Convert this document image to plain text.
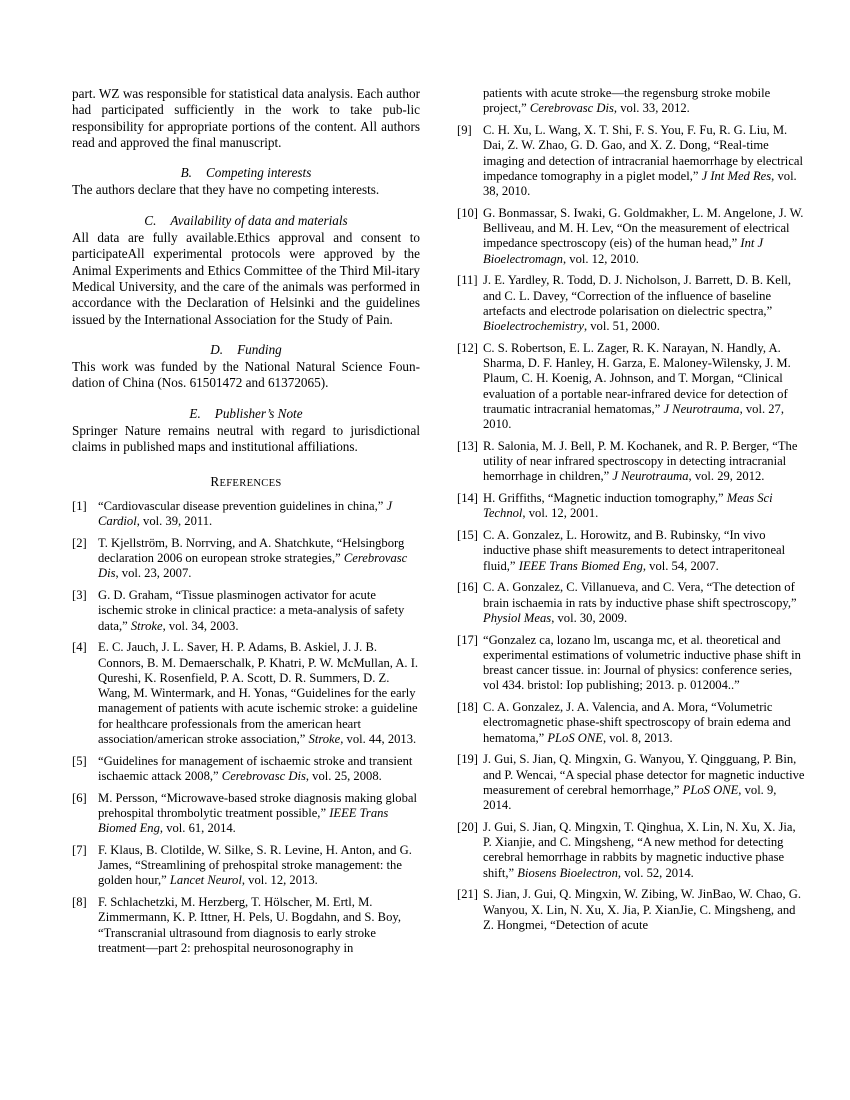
part. WZ was responsible for statistical data analysis. Each author had participated sufficiently in the work to take pub-lic responsibility for appropriate portions of the content. All authors read and approved the final manuscript.

B. Competing interests

The authors declare that they have no competing interests.

C. Availability of data and materials

All data are fully available.Ethics approval and consent to participateAll experimental protocols were approved by the Animal Experiments and Ethics Committee of the Third Mil-itary Medical University, and the care of the animals was performed in accordance with the Declaration of Helsinki and the guidelines issued by the International Association for the Study of Pain.

D. Funding

This work was funded by the National Natural Science Foun-dation of China (Nos. 61501472 and 61372065).

E. Publisher’s Note

Springer Nature remains neutral with regard to jurisdictional claims in published maps and institutional affiliations.

REFERENCES
[1] “Cardiovascular disease prevention guidelines in china,” J Cardiol, vol. 39, 2011.
[2] T. Kjellström, B. Norrving, and A. Shatchkute, “Helsingborg declaration 2006 on european stroke strategies,” Cerebrovasc Dis, vol. 23, 2007.
[3] G. D. Graham, “Tissue plasminogen activator for acute ischemic stroke in clinical practice: a meta-analysis of safety data,” Stroke, vol. 34, 2003.
[4] E. C. Jauch, J. L. Saver, H. P. Adams, B. Askiel, J. J. B. Connors, B. M. Demaerschalk, P. Khatri, P. W. McMullan, A. I. Qureshi, K. Rosenfield, P. A. Scott, D. R. Summers, D. Z. Wang, M. Wintermark, and H. Yonas, “Guidelines for the early management of patients with acute ischemic stroke: a guideline for healthcare professionals from the american heart association/american stroke association,” Stroke, vol. 44, 2013.
[5] “Guidelines for management of ischaemic stroke and transient ischaemic attack 2008,” Cerebrovasc Dis, vol. 25, 2008.
[6] M. Persson, “Microwave-based stroke diagnosis making global prehospital thrombolytic treatment possible,” IEEE Trans Biomed Eng, vol. 61, 2014.
[7] F. Klaus, B. Clotilde, W. Silke, S. R. Levine, H. Anton, and G. James, “Streamlining of prehospital stroke management: the golden hour,” Lancet Neurol, vol. 12, 2013.
[8] F. Schlachetzki, M. Herzberg, T. Hölscher, M. Ertl, M. Zimmermann, K. P. Ittner, H. Pels, U. Bogdahn, and S. Boy, “Transcranial ultrasound from diagnosis to early stroke treatment—part 2: prehospital neurosonography in
patients with acute stroke—the regensburg stroke mobile project,” Cerebrovasc Dis, vol. 33, 2012.
[9] C. H. Xu, L. Wang, X. T. Shi, F. S. You, F. Fu, R. G. Liu, M. Dai, Z. W. Zhao, G. D. Gao, and X. Z. Dong, “Real-time imaging and detection of intracranial haemorrhage by electrical impedance tomography in a piglet model,” J Int Med Res, vol. 38, 2010.
[10] G. Bonmassar, S. Iwaki, G. Goldmakher, L. M. Angelone, J. W. Belliveau, and M. H. Lev, “On the measurement of electrical impedance spectroscopy (eis) of the human head,” Int J Bioelectromagn, vol. 12, 2010.
[11] J. E. Yardley, R. Todd, D. J. Nicholson, J. Barrett, D. B. Kell, and C. L. Davey, “Correction of the influence of baseline artefacts and electrode polarisation on dielectric spectra,” Bioelectrochemistry, vol. 51, 2000.
[12] C. S. Robertson, E. L. Zager, R. K. Narayan, N. Handly, A. Sharma, D. F. Hanley, H. Garza, E. Maloney-Wilensky, J. M. Plaum, C. H. Koenig, A. Johnson, and T. Morgan, “Clinical evaluation of a portable near-infrared device for detection of traumatic intracranial hematomas,” J Neurotrauma, vol. 27, 2010.
[13] R. Salonia, M. J. Bell, P. M. Kochanek, and R. P. Berger, “The utility of near infrared spectroscopy in detecting intracranial hemorrhage in children,” J Neurotrauma, vol. 29, 2012.
[14] H. Griffiths, “Magnetic induction tomography,” Meas Sci Technol, vol. 12, 2001.
[15] C. A. Gonzalez, L. Horowitz, and B. Rubinsky, “In vivo inductive phase shift measurements to detect intraperitoneal fluid,” IEEE Trans Biomed Eng, vol. 54, 2007.
[16] C. A. Gonzalez, C. Villanueva, and C. Vera, “The detection of brain ischaemia in rats by inductive phase shift spectroscopy,” Physiol Meas, vol. 30, 2009.
[17] “Gonzalez ca, lozano lm, uscanga mc, et al. theoretical and experimental estimations of volumetric inductive phase shift in breast cancer tissue. in: Journal of physics: conference series, vol 434. bristol: Iop publishing; 2013. p. 012004..”
[18] C. A. Gonzalez, J. A. Valencia, and A. Mora, “Volumetric electromagnetic phase-shift spectroscopy of brain edema and hematoma,” PLoS ONE, vol. 8, 2013.
[19] J. Gui, S. Jian, Q. Mingxin, G. Wanyou, Y. Qingguang, P. Bin, and P. Wencai, “A special phase detector for magnetic inductive measurement of cerebral hemorrhage,” PLoS ONE, vol. 9, 2014.
[20] J. Gui, S. Jian, Q. Mingxin, T. Qinghua, X. Lin, N. Xu, X. Jia, P. Xianjie, and C. Mingsheng, “A new method for detecting cerebral hemorrhage in rabbits by magnetic inductive phase shift,” Biosens Bioelectron, vol. 52, 2014.
[21] S. Jian, J. Gui, Q. Mingxin, W. Zibing, W. JinBao, W. Chao, G. Wanyou, X. Lin, N. Xu, X. Jia, P. XianJie, C. Mingsheng, and Z. Hongmei, “Detection of acute
